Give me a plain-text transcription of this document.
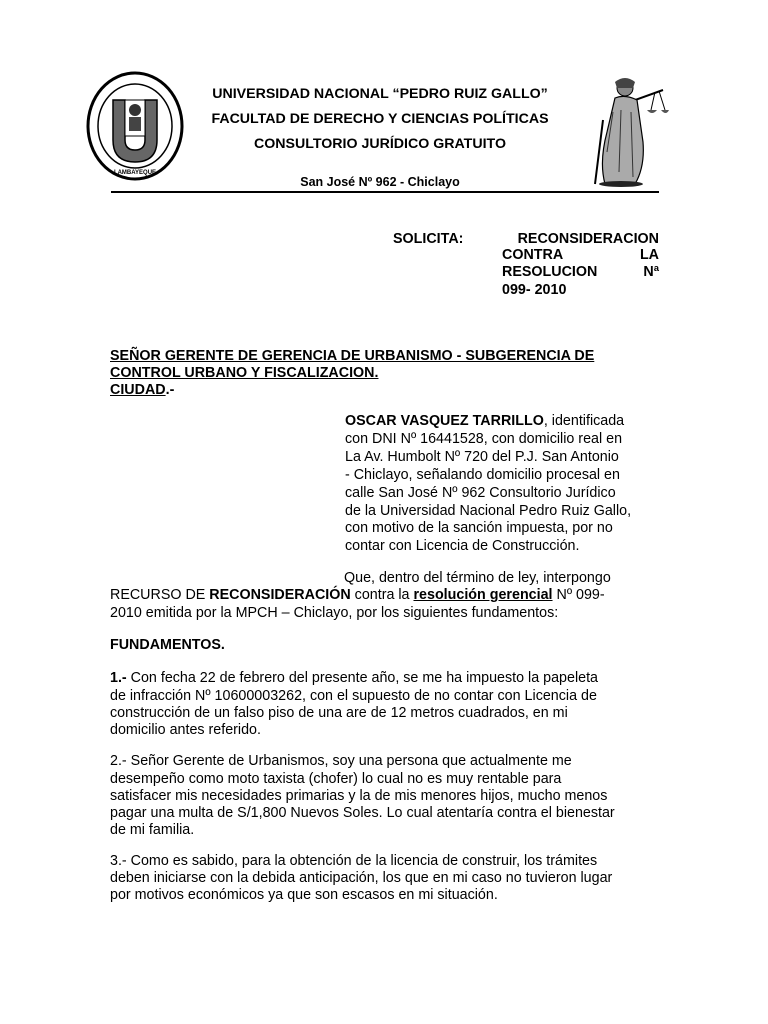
LAMBAYEQUE
UNIVERSIDAD NACIONAL “PEDRO RUIZ GALLO”
FACULTAD DE DERECHO Y CIENCIAS POLÍTICAS
CONSULTORIO JURÍDICO GRATUITO
San José Nº 962 - Chiclayo
SOLICITA:	RECONSIDERACION
CONTRA	LA
RESOLUCION	Nª
099- 2010
SEÑOR GERENTE DE GERENCIA DE URBANISMO - SUBGERENCIA DE
CONTROL URBANO Y FISCALIZACION.
CIUDAD.-
OSCAR VASQUEZ TARRILLO, identificada
con DNI Nº 16441528, con domicilio real en
La Av. Humbolt Nº 720 del P.J. San Antonio
- Chiclayo, señalando domicilio procesal en
calle San José Nº 962 Consultorio Jurídico
de la Universidad Nacional Pedro Ruiz Gallo,
con motivo de la sanción impuesta, por no
contar con Licencia de Construcción.
Que, dentro del término de ley, interpongo
RECURSO DE RECONSIDERACIÓN contra la resolución gerencial Nº 099-
2010 emitida por la MPCH – Chiclayo, por los siguientes fundamentos:
FUNDAMENTOS.
1.- Con fecha 22 de febrero del presente año, se me ha impuesto la papeleta
de infracción Nº 10600003262, con el supuesto de no contar con Licencia de
construcción de un falso piso de una are de 12 metros cuadrados, en mi
domicilio antes referido.
2.- Señor Gerente de Urbanismos, soy una persona que actualmente me
desempeño como moto taxista (chofer) lo cual no es muy rentable para
satisfacer mis necesidades primarias y la de mis menores hijos, mucho menos
pagar una multa de S/1,800 Nuevos Soles. Lo cual atentaría contra el bienestar
de mi familia.
3.- Como es sabido, para la obtención de la licencia de construir, los trámites
deben iniciarse con la debida anticipación, los que en mi caso no tuvieron lugar
por motivos económicos ya que son escasos en mi situación.
